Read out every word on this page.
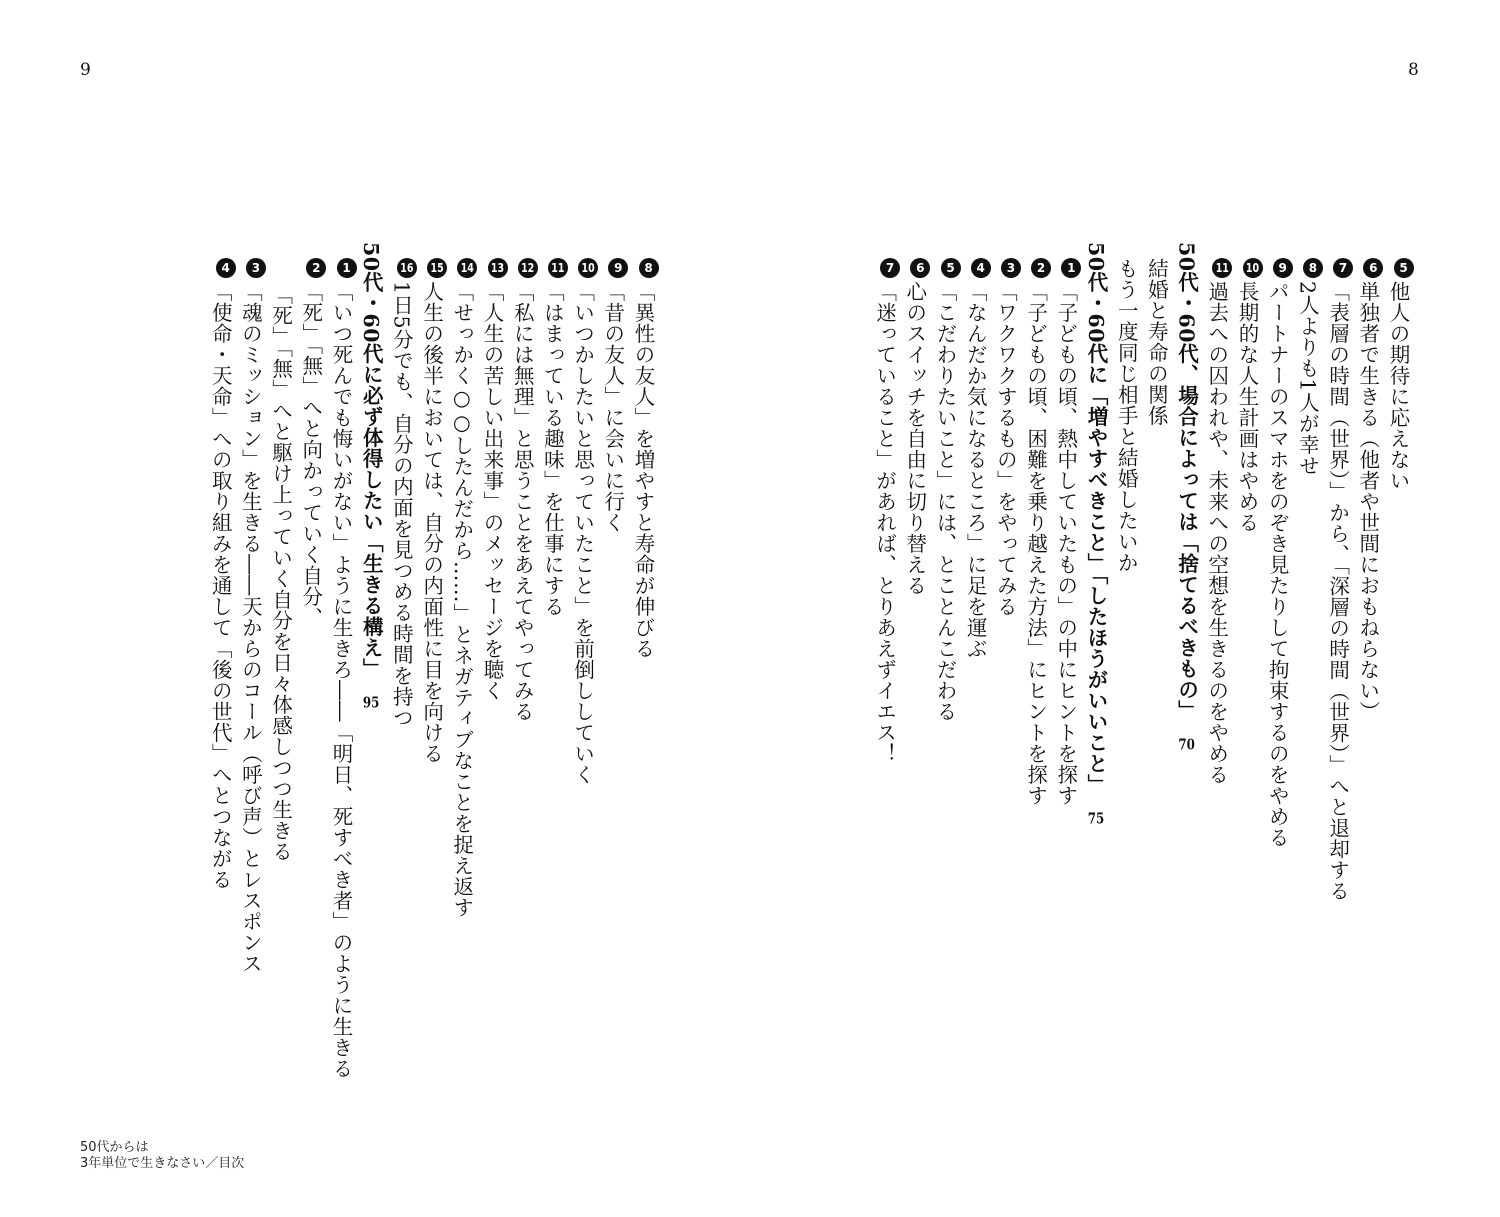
9	8
5他人の期待に応えない
6単独者で生きる（他者や世間におもねらない）
7「表層の時間（世界）」から、「深層の時間（世界）」へと退却する
82人よりも1人が幸せ
9パートナーのスマホをのぞき見たりして拘束するのをやめる
10長期的な人生計画はやめる
11過去への囚われや、未来への空想を生きるのをやめる
50代・60代、場合によっては「捨てるべきもの」70
結婚と寿命の関係
もう一度同じ相手と結婚したいか
50代・60代に「増やすべきこと」「したほうがいいこと」75
1「子どもの頃、熱中していたもの」の中にヒントを探す
2「子どもの頃、困難を乗り越えた方法」にヒントを探す
3「ワクワクするもの」をやってみる
4「なんだか気になるところ」に足を運ぶ
5「こだわりたいこと」には、とことんこだわる
6心のスイッチを自由に切り替える
7「迷っていること」があれば、とりあえずイエス！
8「異性の友人」を増やすと寿命が伸びる
9「昔の友人」に会いに行く
10「いつかしたいと思っていたこと」を前倒ししていく
11「はまっている趣味」を仕事にする
12「私には無理」と思うことをあえてやってみる
13「人生の苦しい出来事」のメッセージを聴く
14「せっかく○○したんだから……」とネガティブなことを捉え返す
15人生の後半においては、自分の内面性に目を向ける
161日5分でも、自分の内面を見つめる時間を持つ
50代・60代に必ず体得したい「生きる構え」95
1「いつ死んでも悔いがない」ように生きろ――「明日、死すべき者」のように生きる
2「死」「無」へと向かっていく自分、
「死」「無」へと駆け上っていく自分を日々体感しつつ生きる
3「魂のミッション」を生きる――天からのコール（呼び声）とレスポンス
4「使命・天命」への取り組みを通して「後の世代」へとつながる
50代からは
3年単位で生きなさい／目次
